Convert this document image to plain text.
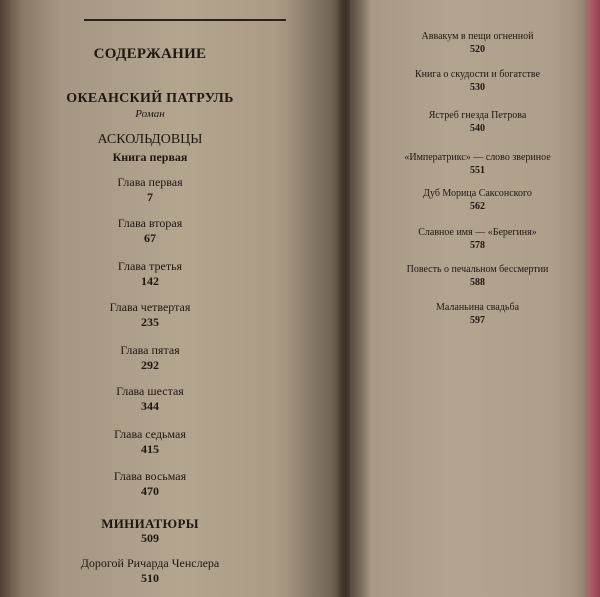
СОДЕРЖАНИЕ
ОКЕАНСКИЙ ПАТРУЛЬ
Роман
АСКОЛЬДОВЦЫ
Книга первая
Глава первая
7
Глава вторая
67
Глава третья
142
Глава четвертая
235
Глава пятая
292
Глава шестая
344
Глава седьмая
415
Глава восьмая
470
МИНИАТЮРЫ
509
Дорогой Ричарда Ченслера
510
Аввакум в пещи огненной
520
Книга о скудости и богатстве
530
Ястреб гнезда Петрова
540
«Императрикс» — слово звериное
551
Дуб Морица Саксонского
562
Славное имя — «Берегиня»
578
Повесть о печальном бессмертии
588
Маланьина свадьба
597
